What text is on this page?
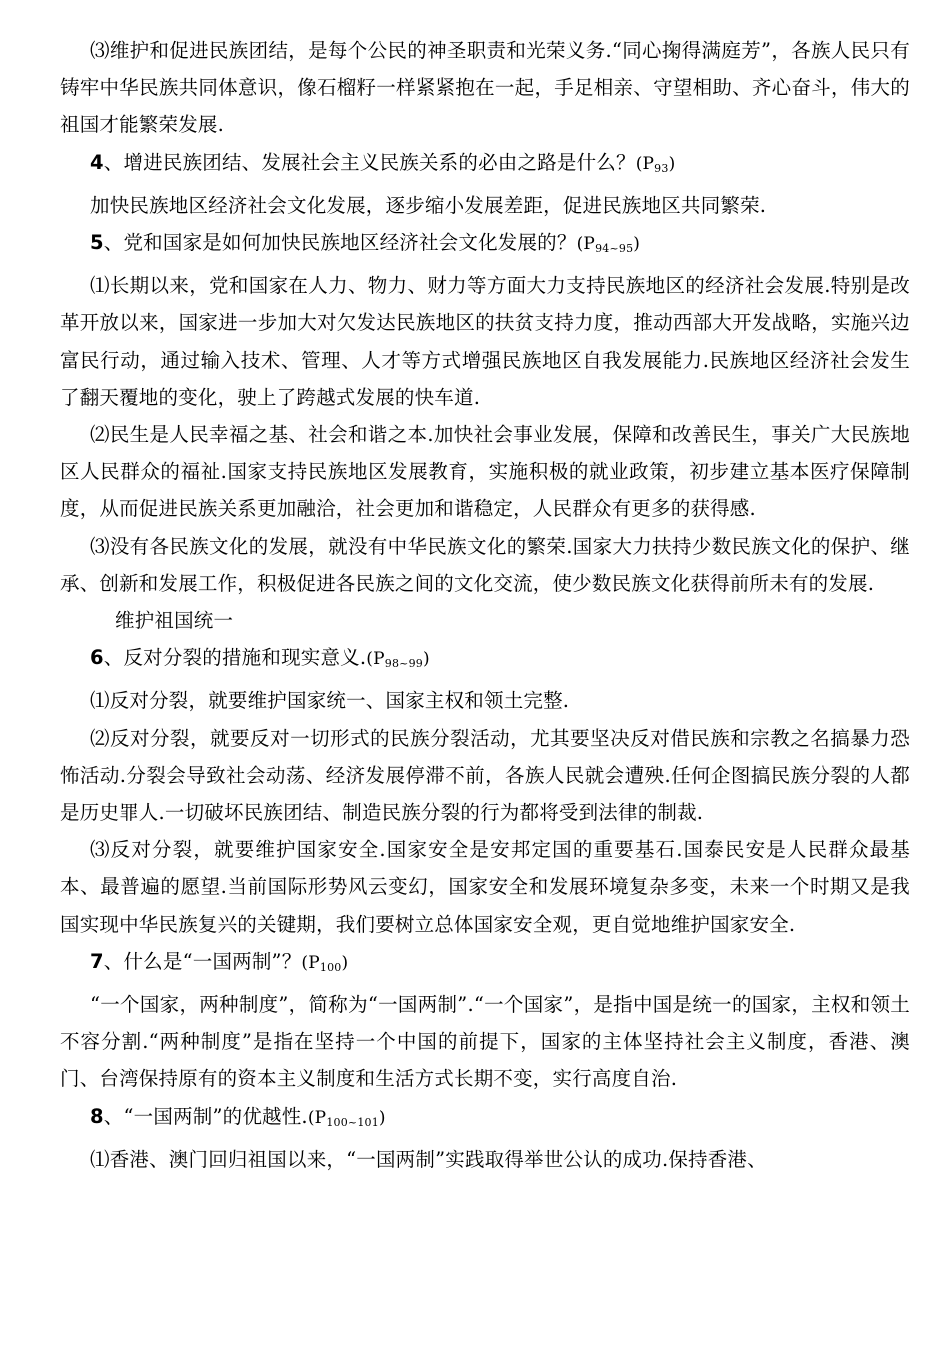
⑶维护和促进民族团结，是每个公民的神圣职责和光荣义务.“同心掬得满庭芳”，各族人民只有铸牢中华民族共同体意识，像石榴籽一样紧紧抱在一起，手足相亲、守望相助、齐心奋斗，伟大的祖国才能繁荣发展.

4、增进民族团结、发展社会主义民族关系的必由之路是什么？$(P_{93})$

加快民族地区经济社会文化发展，逐步缩小发展差距，促进民族地区共同繁荣.

5、党和国家是如何加快民族地区经济社会文化发展的？$(P_{94\sim 95})$

⑴长期以来，党和国家在人力、物力、财力等方面大力支持民族地区的经济社会发展.特别是改革开放以来，国家进一步加大对欠发达民族地区的扶贫支持力度，推动西部大开发战略，实施兴边富民行动，通过输入技术、管理、人才等方式增强民族地区自我发展能力.民族地区经济社会发生了翻天覆地的变化，驶上了跨越式发展的快车道.

⑵民生是人民幸福之基、社会和谐之本.加快社会事业发展，保障和改善民生，事关广大民族地区人民群众的福祉.国家支持民族地区发展教育，实施积极的就业政策，初步建立基本医疗保障制度，从而促进民族关系更加融洽，社会更加和谐稳定，人民群众有更多的获得感.

⑶没有各民族文化的发展，就没有中华民族文化的繁荣.国家大力扶持少数民族文化的保护、继承、创新和发展工作，积极促进各民族之间的文化交流，使少数民族文化获得前所未有的发展.

维护祖国统一

6、反对分裂的措施和现实意义$.(P_{98\sim 99})$

⑴反对分裂，就要维护国家统一、国家主权和领土完整.

⑵反对分裂，就要反对一切形式的民族分裂活动，尤其要坚决反对借民族和宗教之名搞暴力恐怖活动.分裂会导致社会动荡、经济发展停滞不前，各族人民就会遭殃.任何企图搞民族分裂的人都是历史罪人.一切破坏民族团结、制造民族分裂的行为都将受到法律的制裁.

⑶反对分裂，就要维护国家安全.国家安全是安邦定国的重要基石.国泰民安是人民群众最基本、最普遍的愿望.当前国际形势风云变幻，国家安全和发展环境复杂多变，未来一个时期又是我国实现中华民族复兴的关键期，我们要树立总体国家安全观，更自觉地维护国家安全.

7、什么是“一国两制”？$(P_{100})$

“一个国家，两种制度”，简称为“一国两制”.“一个国家”，是指中国是统一的国家，主权和领土不容分割.“两种制度”是指在坚持一个中国的前提下，国家的主体坚持社会主义制度，香港、澳门、台湾保持原有的资本主义制度和生活方式长期不变，实行高度自治.

8、“一国两制”的优越性$.(P_{100\sim 101})$

⑴香港、澳门回归祖国以来，“一国两制”实践取得举世公认的成功.保持香港、
